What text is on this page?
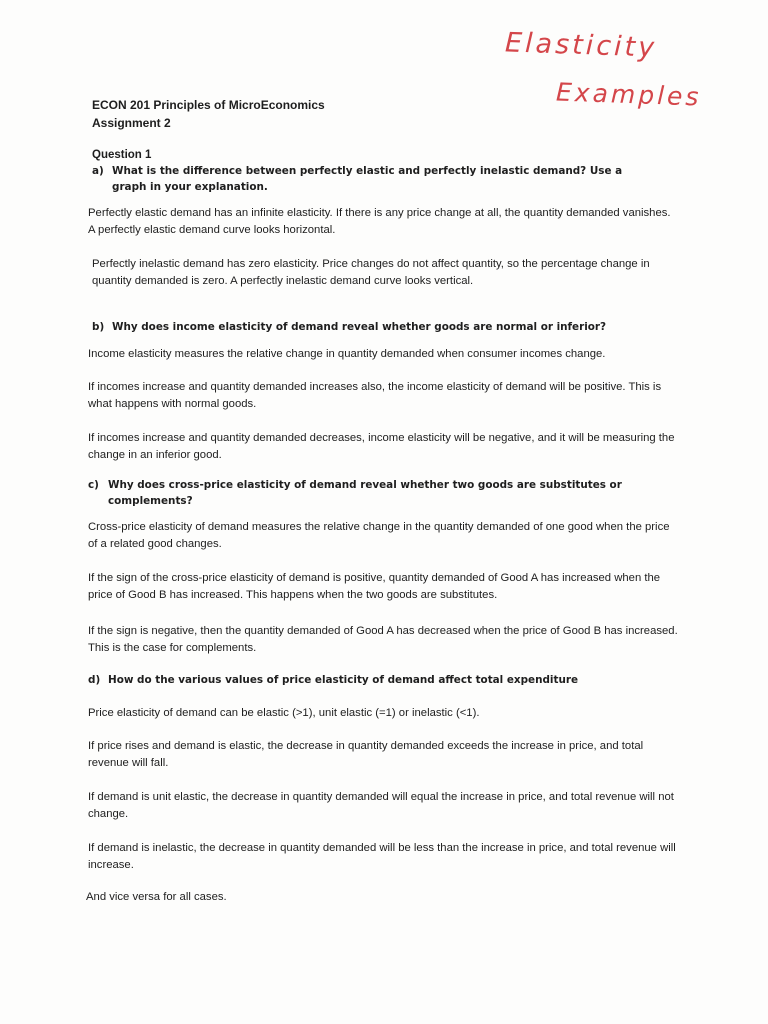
Elasticity
Examples
ECON 201 Principles of MicroEconomics
Assignment 2
Question 1
a) What is the difference between perfectly elastic and perfectly inelastic demand? Use a
graph in your explanation.

Perfectly elastic demand has an infinite elasticity. If there is any price change at all, the quantity demanded vanishes. A perfectly elastic demand curve looks horizontal.

Perfectly inelastic demand has zero elasticity. Price changes do not affect quantity, so the percentage change in quantity demanded is zero. A perfectly inelastic demand curve looks vertical.

b) Why does income elasticity of demand reveal whether goods are normal or inferior?

Income elasticity measures the relative change in quantity demanded when consumer incomes change.

If incomes increase and quantity demanded increases also, the income elasticity of demand will be positive. This is what happens with normal goods.

If incomes increase and quantity demanded decreases, income elasticity will be negative, and it will be measuring the change in an inferior good.

c) Why does cross-price elasticity of demand reveal whether two goods are substitutes or
complements?

Cross-price elasticity of demand measures the relative change in the quantity demanded of one good when the price of a related good changes.

If the sign of the cross-price elasticity of demand is positive, quantity demanded of Good A has increased when the price of Good B has increased. This happens when the two goods are substitutes.

If the sign is negative, then the quantity demanded of Good A has decreased when the price of Good B has increased. This is the case for complements.

d) How do the various values of price elasticity of demand affect total expenditure

Price elasticity of demand can be elastic (>1), unit elastic (=1) or inelastic (<1).

If price rises and demand is elastic, the decrease in quantity demanded exceeds the increase in price, and total revenue will fall.

If demand is unit elastic, the decrease in quantity demanded will equal the increase in price, and total revenue will not change.

If demand is inelastic, the decrease in quantity demanded will be less than the increase in price, and total revenue will increase.

And vice versa for all cases.
